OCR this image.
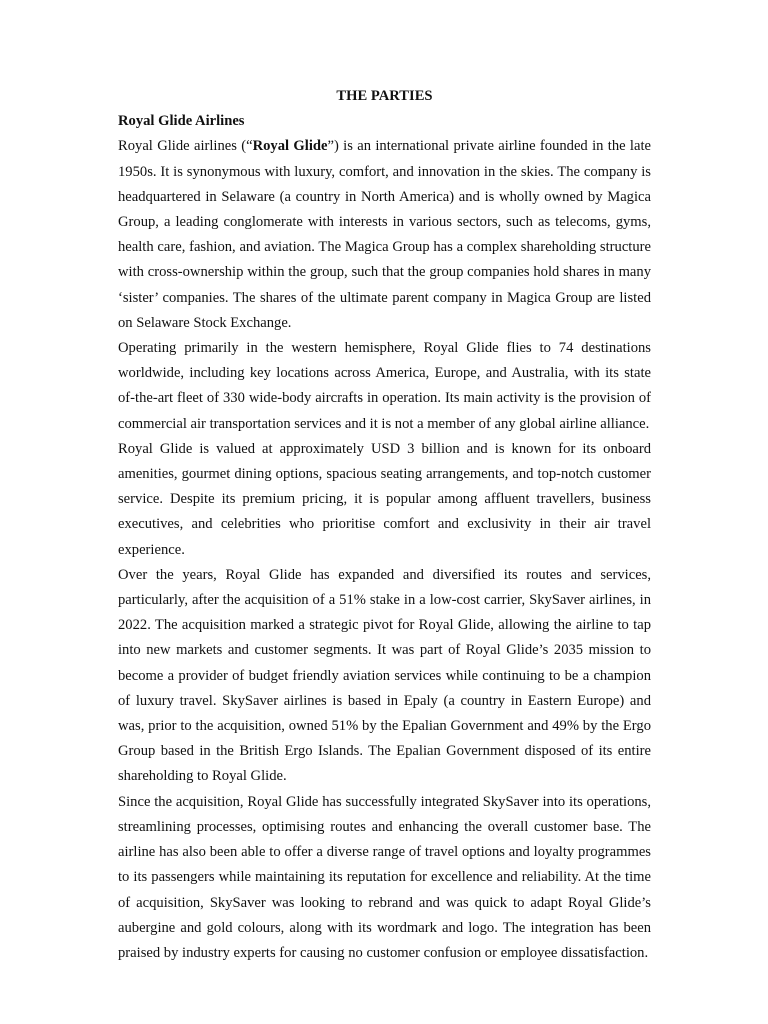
THE PARTIES

Royal Glide Airlines

Royal Glide airlines (“Royal Glide”) is an international private airline founded in the late 1950s. It is synonymous with luxury, comfort, and innovation in the skies. The company is headquartered in Selaware (a country in North America) and is wholly owned by Magica Group, a leading conglomerate with interests in various sectors, such as telecoms, gyms, health care, fashion, and aviation. The Magica Group has a complex shareholding structure with cross-ownership within the group, such that the group companies hold shares in many ‘sister’ companies. The shares of the ultimate parent company in Magica Group are listed on Selaware Stock Exchange.

Operating primarily in the western hemisphere, Royal Glide flies to 74 destinations worldwide, including key locations across America, Europe, and Australia, with its state of-the-art fleet of 330 wide-body aircrafts in operation. Its main activity is the provision of commercial air transportation services and it is not a member of any global airline alliance.

Royal Glide is valued at approximately USD 3 billion and is known for its onboard amenities, gourmet dining options, spacious seating arrangements, and top-notch customer service. Despite its premium pricing, it is popular among affluent travellers, business executives, and celebrities who prioritise comfort and exclusivity in their air travel experience.

Over the years, Royal Glide has expanded and diversified its routes and services, particularly, after the acquisition of a 51% stake in a low-cost carrier, SkySaver airlines, in 2022. The acquisition marked a strategic pivot for Royal Glide, allowing the airline to tap into new markets and customer segments. It was part of Royal Glide’s 2035 mission to become a provider of budget friendly aviation services while continuing to be a champion of luxury travel. SkySaver airlines is based in Epaly (a country in Eastern Europe) and was, prior to the acquisition, owned 51% by the Epalian Government and 49% by the Ergo Group based in the British Ergo Islands. The Epalian Government disposed of its entire shareholding to Royal Glide.

Since the acquisition, Royal Glide has successfully integrated SkySaver into its operations, streamlining processes, optimising routes and enhancing the overall customer base. The airline has also been able to offer a diverse range of travel options and loyalty programmes to its passengers while maintaining its reputation for excellence and reliability. At the time of acquisition, SkySaver was looking to rebrand and was quick to adapt Royal Glide’s aubergine and gold colours, along with its wordmark and logo. The integration has been praised by industry experts for causing no customer confusion or employee dissatisfaction.
